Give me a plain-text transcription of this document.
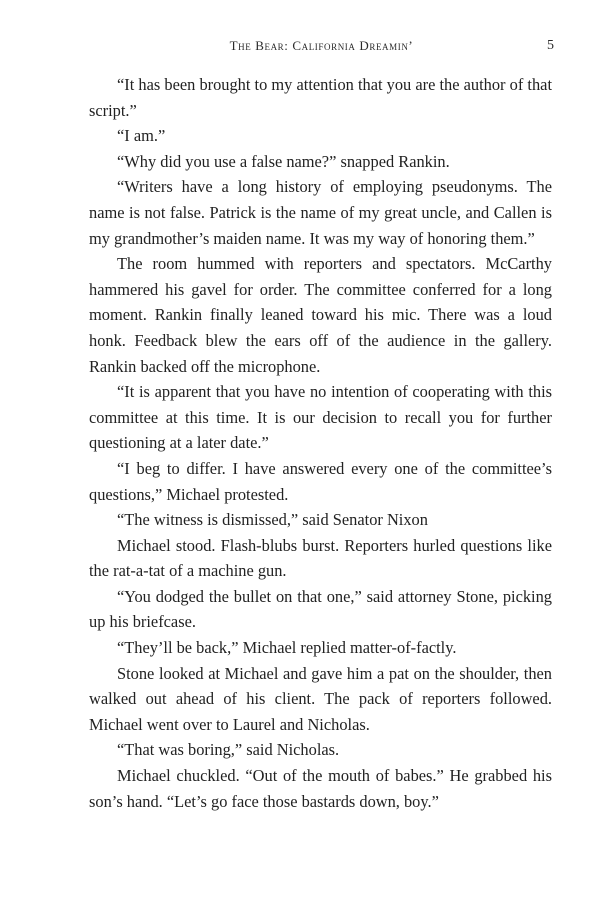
The Bear: California Dreamin’	5

“It has been brought to my attention that you are the author of that script.”

“I am.”

“Why did you use a false name?” snapped Rankin.

“Writers have a long history of employing pseudonyms. The name is not false. Patrick is the name of my great uncle, and Callen is my grandmother’s maiden name. It was my way of honoring them.”

The room hummed with reporters and spectators. McCarthy hammered his gavel for order. The committee conferred for a long moment. Rankin finally leaned toward his mic. There was a loud honk. Feedback blew the ears off of the audience in the gallery. Rankin backed off the microphone.

“It is apparent that you have no intention of cooperating with this committee at this time. It is our decision to recall you for further questioning at a later date.”

“I beg to differ. I have answered every one of the committee’s questions,” Michael protested.

“The witness is dismissed,” said Senator Nixon

Michael stood. Flash-blubs burst. Reporters hurled questions like the rat-a-tat of a machine gun.

“You dodged the bullet on that one,” said attorney Stone, picking up his briefcase.

“They’ll be back,” Michael replied matter-of-factly.

Stone looked at Michael and gave him a pat on the shoulder, then walked out ahead of his client. The pack of reporters followed. Michael went over to Laurel and Nicholas.

“That was boring,” said Nicholas.

Michael chuckled. “Out of the mouth of babes.” He grabbed his son’s hand. “Let’s go face those bastards down, boy.”
